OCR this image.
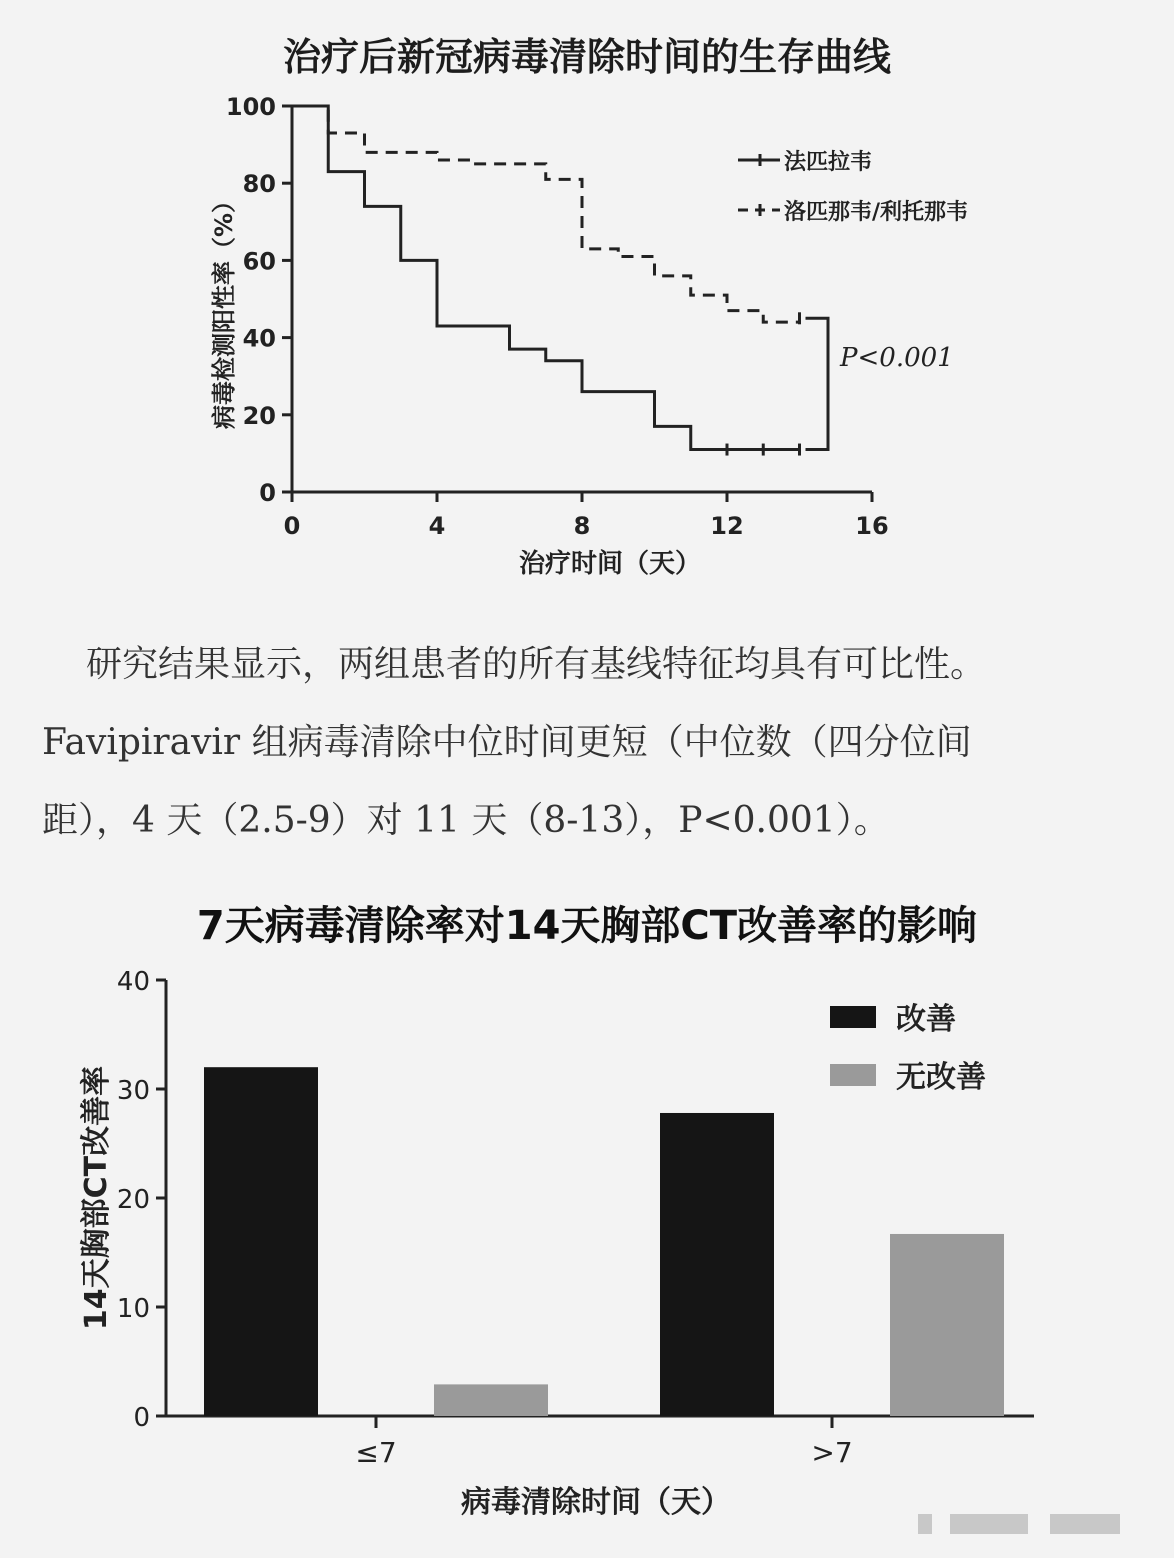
治疗后新冠病毒清除时间的生存曲线
0	4	8	12	16
0
20
40
60
80
100
治疗时间（天）
病毒检测阳性率（%）
法匹拉韦
洛匹那韦/利托那韦
P<0.001

研究结果显示，两组患者的所有基线特征均具有可比性。

Favipiravir 组病毒清除中位时间更短（中位数（四分位间

距），4 天（2.5-9）对 11 天（8-13），P<0.001）。

7天病毒清除率对14天胸部CT改善率的影响
0
10
20
30
40
≤7	>7
病毒清除时间（天）
14天胸部CT改善率
改善
无改善
